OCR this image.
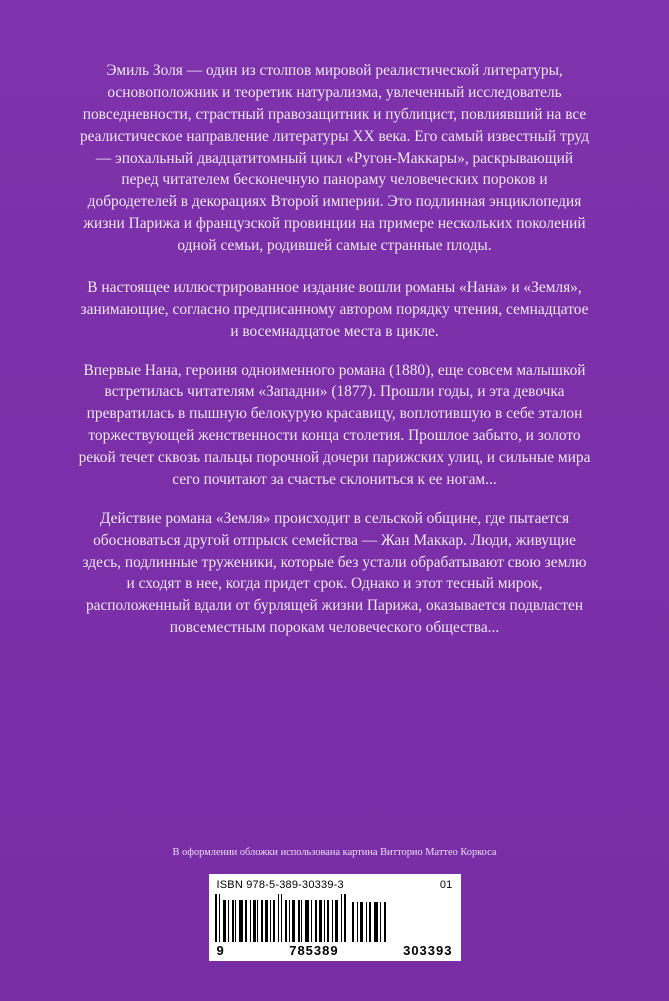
Эмиль Золя — один из столпов мировой реалистической литературы, основоположник и теоретик натурализма, увлеченный исследователь повседневности, страстный правозащитник и публицист, повлиявший на все реалистическое направление литературы XX века. Его самый известный труд — эпохальный двадцатитомный цикл «Ругон-Маккары», раскрывающий перед читателем бесконечную панораму человеческих пороков и добродетелей в декорациях Второй империи. Это подлинная энциклопедия жизни Парижа и французской провинции на примере нескольких поколений одной семьи, родившей самые странные плоды.

В настоящее иллюстрированное издание вошли романы «Нана» и «Земля», занимающие, согласно предписанному автором порядку чтения, семнадцатое и восемнадцатое места в цикле.

Впервые Нана, героиня одноименного романа (1880), еще совсем малышкой встретилась читателям «Западни» (1877). Прошли годы, и эта девочка превратилась в пышную белокурую красавицу, воплотившую в себе эталон торжествующей женственности конца столетия. Прошлое забыто, и золото рекой течет сквозь пальцы порочной дочери парижских улиц, и сильные мира сего почитают за счастье склониться к ее ногам...

Действие романа «Земля» происходит в сельской общине, где пытается обосноваться другой отпрыск семейства — Жан Маккар. Люди, живущие здесь, подлинные труженики, которые без устали обрабатывают свою землю и сходят в нее, когда придет срок. Однако и этот тесный мирок, расположенный вдали от бурлящей жизни Парижа, оказывается подвластен повсеместным порокам человеческого общества...

В оформлении обложки использована картина Витторио Маттео Коркоса
ISBN 978-5-389-30339-3	01
9	785389	303393
